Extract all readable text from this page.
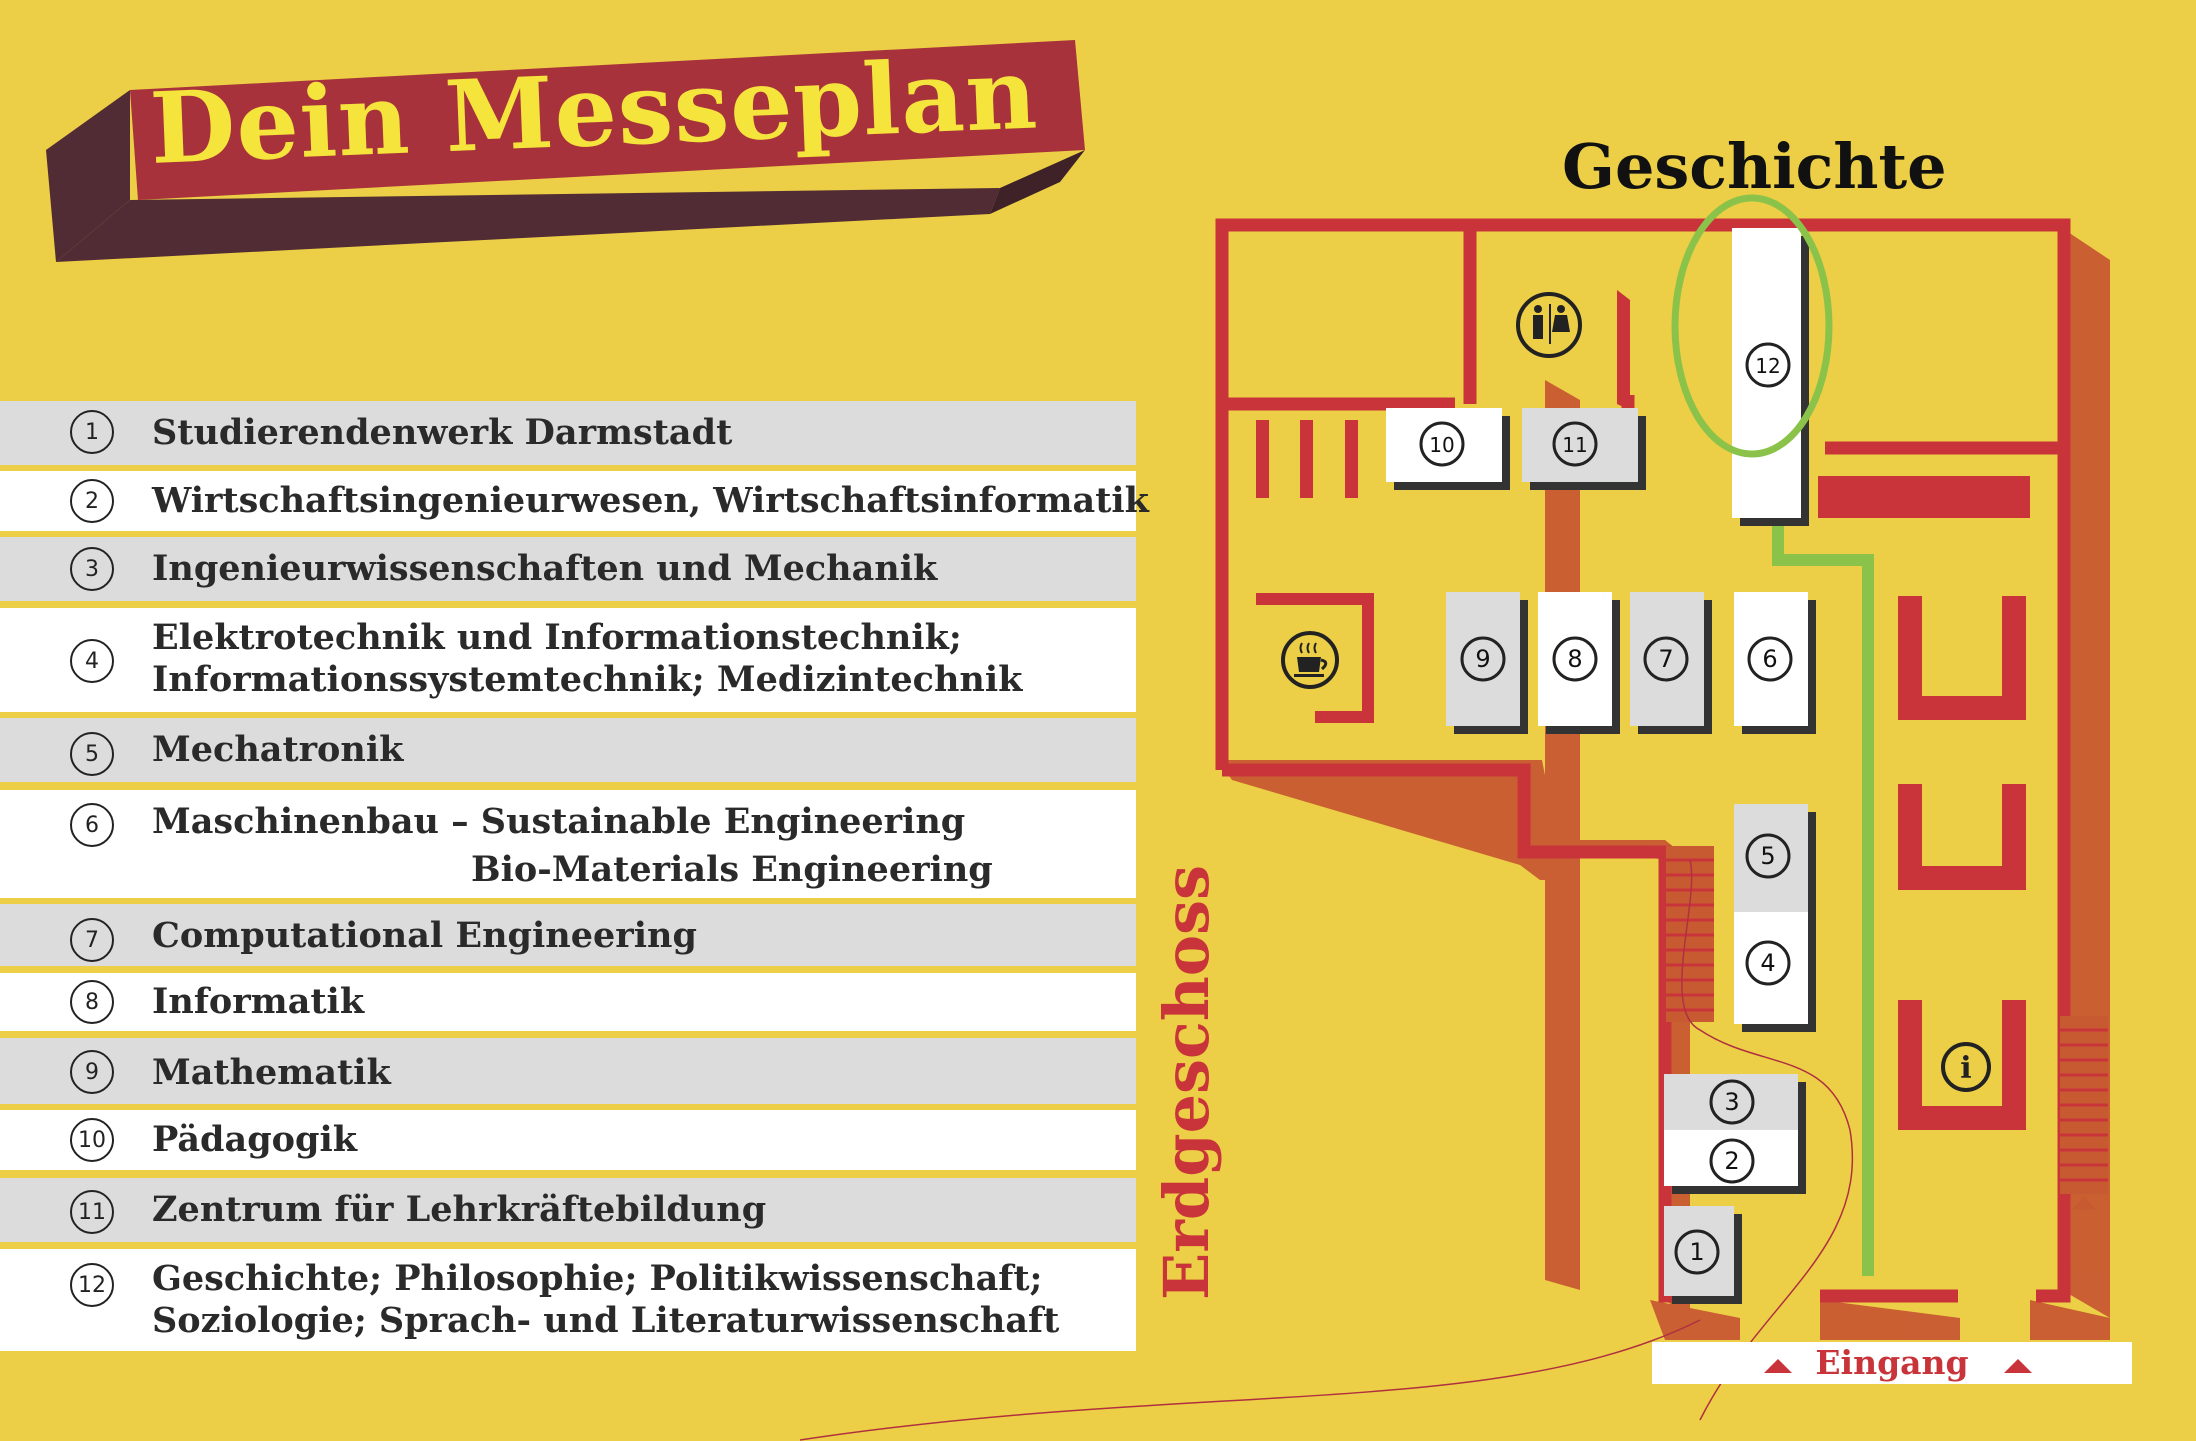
Dein Messeplan
1	Studierendenwerk Darmstadt
2	Wirtschaftsingenieurwesen, Wirtschaftsinformatik
3	Ingenieurwissenschaften und Mechanik
4
Elektrotechnik und Informationstechnik;
Informationssystemtechnik; Medizintechnik
5	Mechatronik
6	Maschinenbau – Sustainable Engineering
Bio-Materials Engineering
7	Computational Engineering
8	Informatik
9	Mathematik
10 Pädagogik
11 Zentrum für Lehrkräftebildung
12 Geschichte; Philosophie; Politikwissenschaft;
Soziologie; Sprach- und Literaturwissenschaft
1
2
3
4
5
6
7
8
9
10	11
12
i
Geschichte
Erdgeschoss
Eingang
